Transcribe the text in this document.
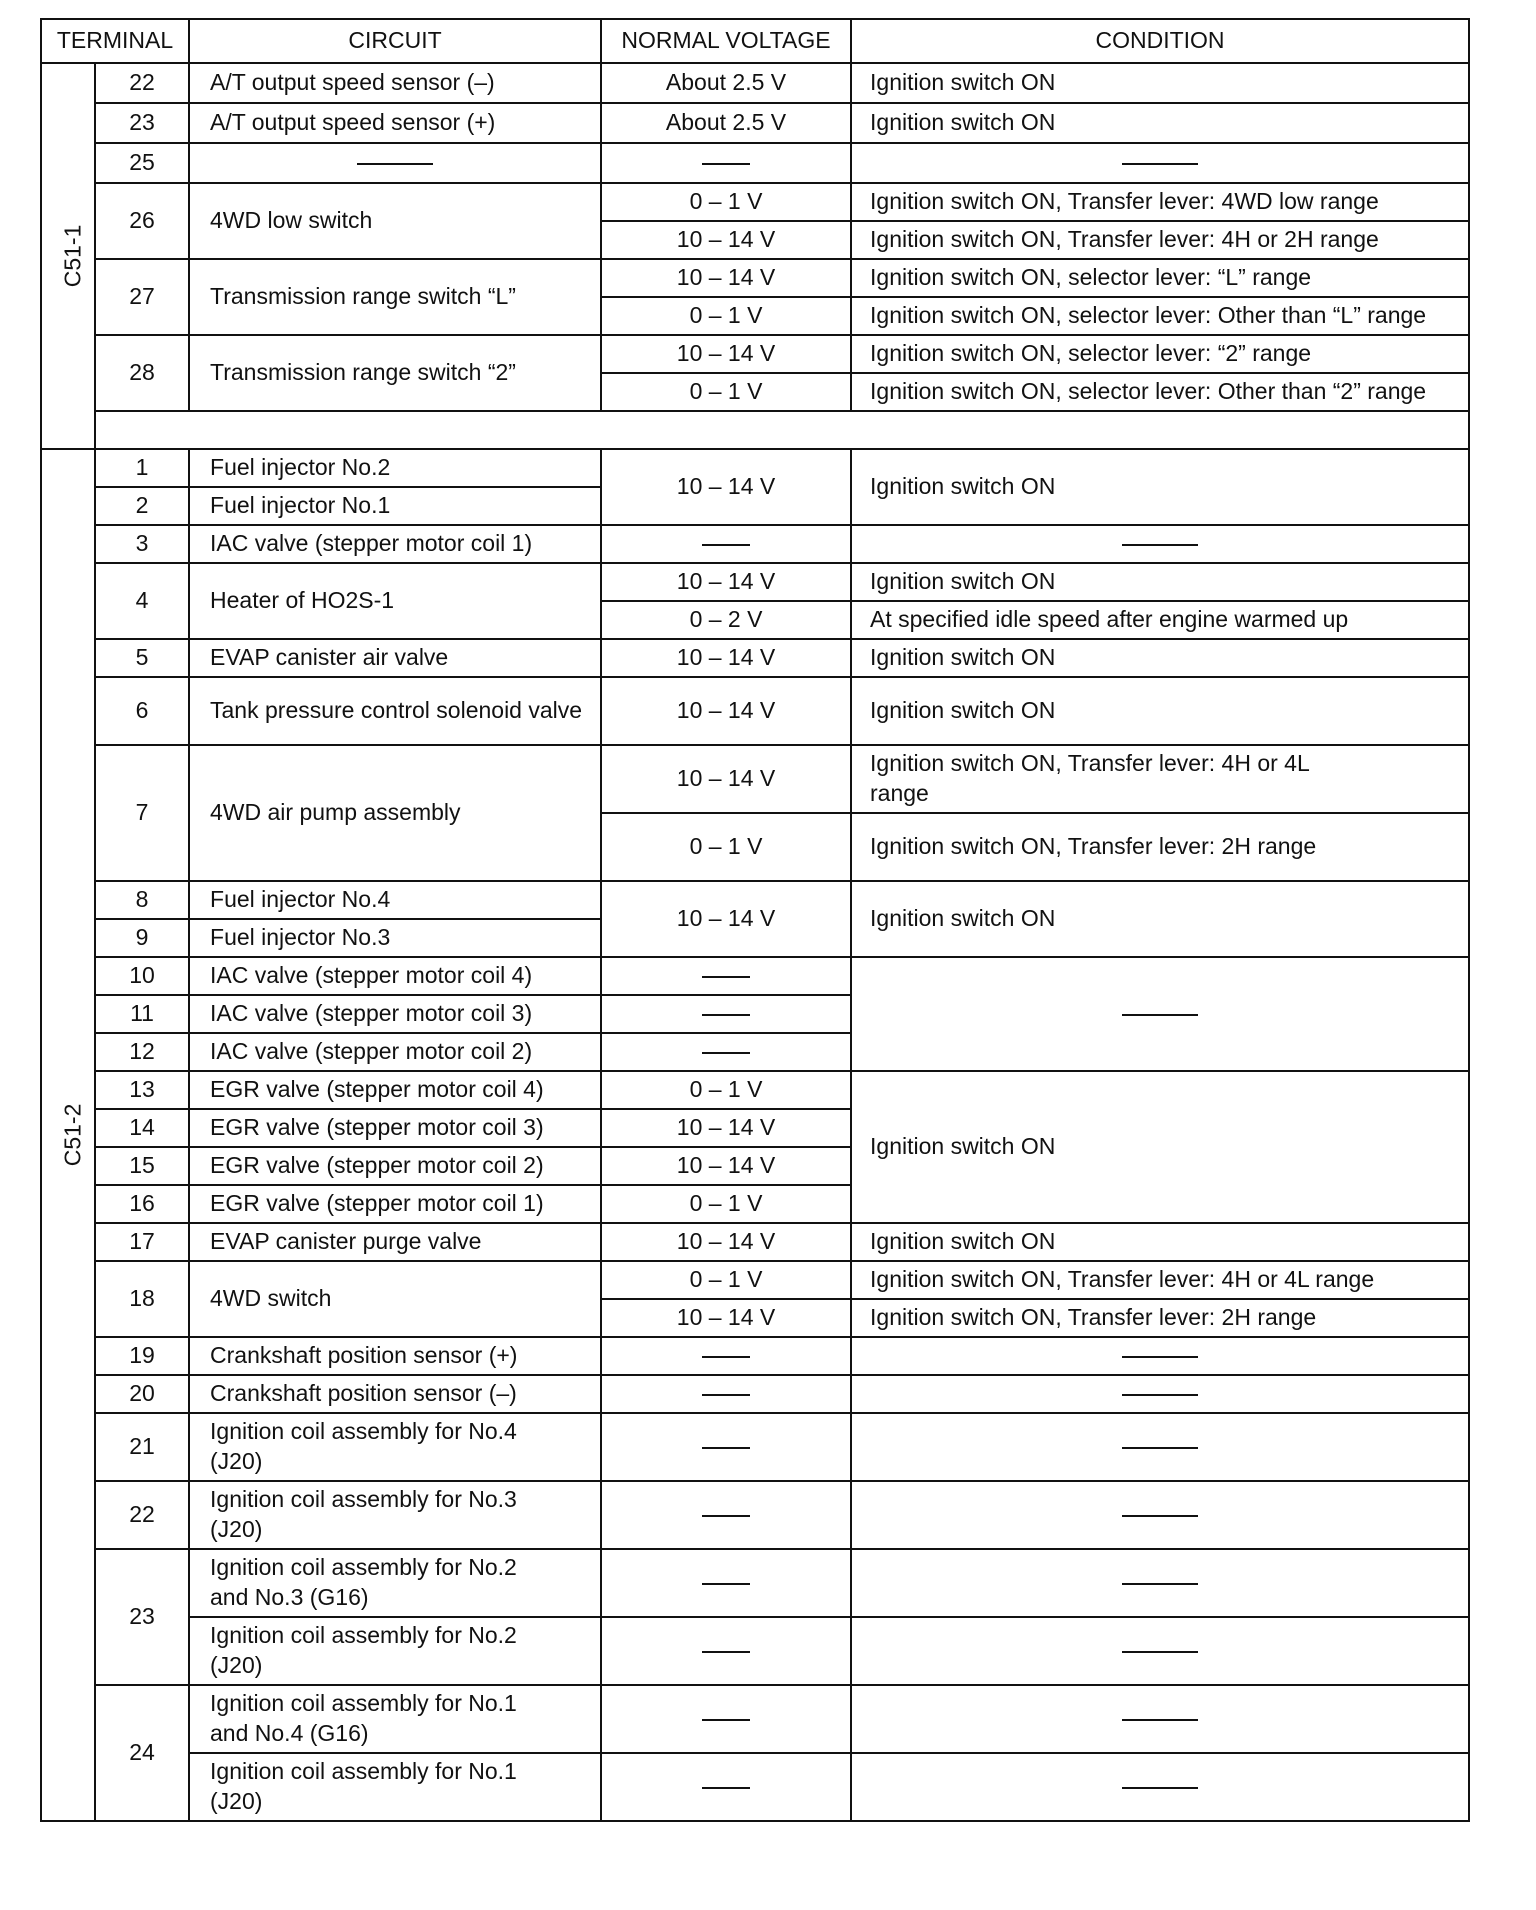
TERMINAL		CIRCUIT	NORMAL VOLTAGE	CONDITION
C51-1	22	A/T output speed sensor (–)	About 2.5 V	Ignition switch ON
	23	A/T output speed sensor (+)	About 2.5 V	Ignition switch ON
	25			
	26	4WD low switch	0 – 1 V	Ignition switch ON, Transfer lever: 4WD low range
			10 – 14 V	Ignition switch ON, Transfer lever: 4H or 2H range
	27	Transmission range switch “L”	10 – 14 V	Ignition switch ON, selector lever: “L” range
			0 – 1 V	Ignition switch ON, selector lever: Other than “L” range
	28	Transmission range switch “2”	10 – 14 V	Ignition switch ON, selector lever: “2” range
			0 – 1 V	Ignition switch ON, selector lever: Other than “2” range

C51-2	1	Fuel injector No.2	10 – 14 V	Ignition switch ON
	2	Fuel injector No.1		
	3	IAC valve (stepper motor coil 1)		
	4	Heater of HO2S-1	10 – 14 V	Ignition switch ON
			0 – 2 V	At specified idle speed after engine warmed up
	5	EVAP canister air valve	10 – 14 V	Ignition switch ON
	6	Tank pressure control solenoid valve	10 – 14 V	Ignition switch ON
	7	4WD air pump assembly	10 – 14 V	Ignition switch ON, Transfer lever: 4H or 4L range
			0 – 1 V	Ignition switch ON, Transfer lever: 2H range
	8	Fuel injector No.4	10 – 14 V	Ignition switch ON
	9	Fuel injector No.3		
	10	IAC valve (stepper motor coil 4)		
	11	IAC valve (stepper motor coil 3)		
	12	IAC valve (stepper motor coil 2)		
	13	EGR valve (stepper motor coil 4)	0 – 1 V	Ignition switch ON
	14	EGR valve (stepper motor coil 3)	10 – 14 V	
	15	EGR valve (stepper motor coil 2)	10 – 14 V	
	16	EGR valve (stepper motor coil 1)	0 – 1 V	
	17	EVAP canister purge valve	10 – 14 V	Ignition switch ON
	18	4WD switch	0 – 1 V	Ignition switch ON, Transfer lever: 4H or 4L range
			10 – 14 V	Ignition switch ON, Transfer lever: 2H range
	19	Crankshaft position sensor (+)		
	20	Crankshaft position sensor (–)		
	21	Ignition coil assembly for No.4 (J20)		
	22	Ignition coil assembly for No.3 (J20)		
	23	Ignition coil assembly for No.2 and No.3 (G16)		
		Ignition coil assembly for No.2 (J20)		
	24	Ignition coil assembly for No.1 and No.4 (G16)		
		Ignition coil assembly for No.1 (J20)		
